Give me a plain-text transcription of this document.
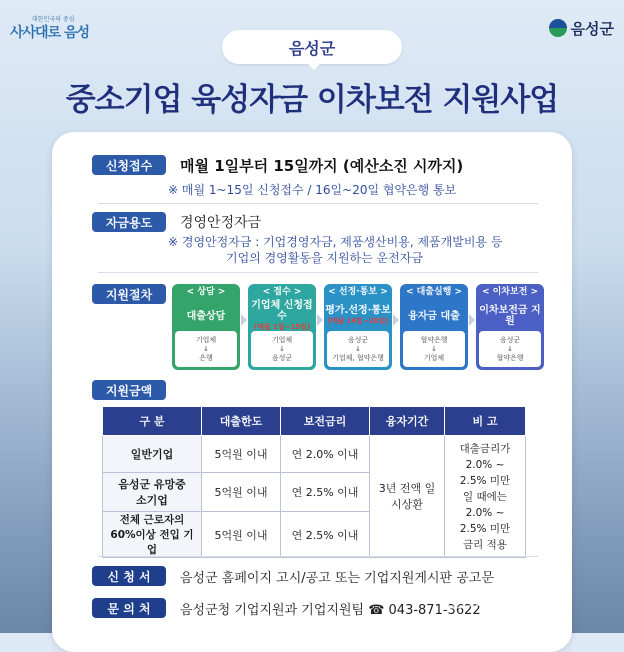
대한민국의 중심
사사대로 음성	음성군
음성군
중소기업 육성자금 이차보전 지원사업
신청접수	매월 1일부터 15일까지 (예산소진 시까지)
※ 매월 1~15일 신청접수 / 16일~20일 협약은행 통보
자금용도	경영안정자금
※ 경영안정자금 : 기업경영자금, 제품생산비용, 제품개발비용 등
기업의 경영활동을 지원하는 운전자금
지원절차	< 상담 >
대출상담
기업체
↓
은행
< 접수 >
기업체 신청접수
(매월 1일~15일)
기업체
↓
음성군
< 선정·통보 >
평가.선정·통보
(매월 16일~20일)
음성군
↓
기업체, 협약은행
< 대출실행 >
융자금 대출
협약은행
↓
기업체
< 이차보전 >
이차보전금 지원
음성군
↓
협약은행
지원금액
구 분	대출한도	보전금리	융자기간	비 고
일반기업	5억원 이내	연 2.0% 이내	3년 전액 일시상환	대출금리가 2.0% ~ 2.5% 미만일 때에는 2.0% ~ 2.5% 미만 금리 적용
음성군 유망중소기업	5억원 이내	연 2.5% 이내		
전체 근로자의 60%이상 전입 기업	5억원 이내	연 2.5% 이내		
신 청 서	음성군 홈페이지 고시/공고 또는 기업지원게시판 공고문
문 의 처	음성군청 기업지원과 기업지원팀 ☎ 043-871-3622
코리아타임뉴스
Korea Time News
